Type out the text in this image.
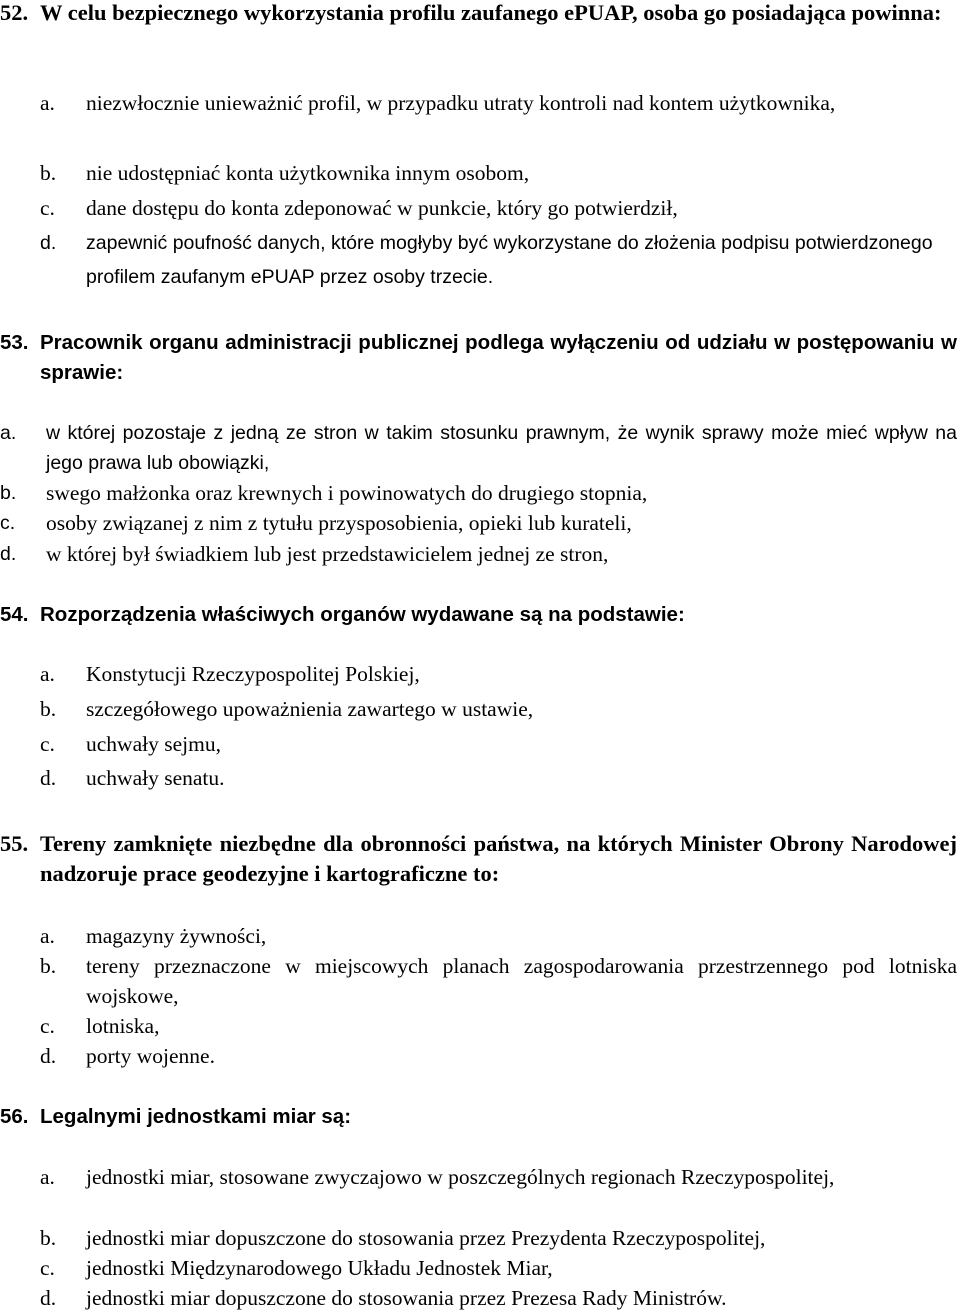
52. W celu bezpiecznego wykorzystania profilu zaufanego ePUAP, osoba go posiadająca powinna:
a. niezwłocznie unieważnić profil, w przypadku utraty kontroli nad kontem użytkownika,
b. nie udostępniać konta użytkownika innym osobom,
c. dane dostępu do konta zdeponować w punkcie, który go potwierdził,
d. zapewnić poufność danych, które mogłyby być wykorzystane do złożenia podpisu potwierdzonego profilem zaufanym ePUAP przez osoby trzecie.
53. Pracownik organu administracji publicznej podlega wyłączeniu od udziału w postępowaniu w sprawie:
a. w której pozostaje z jedną ze stron w takim stosunku prawnym, że wynik sprawy może mieć wpływ na jego prawa lub obowiązki,
b. swego małżonka oraz krewnych i powinowatych do drugiego stopnia,
c. osoby związanej z nim z tytułu przysposobienia, opieki lub kurateli,
d. w której był świadkiem lub jest przedstawicielem jednej ze stron,
54. Rozporządzenia właściwych organów wydawane są na podstawie:
a. Konstytucji Rzeczypospolitej Polskiej,
b. szczegółowego upoważnienia zawartego w ustawie,
c. uchwały sejmu,
d. uchwały senatu.
55. Tereny zamknięte niezbędne dla obronności państwa, na których Minister Obrony Narodowej nadzoruje prace geodezyjne i kartograficzne to:
a. magazyny żywności,
b. tereny przeznaczone w miejscowych planach zagospodarowania przestrzennego pod lotniska wojskowe,
c. lotniska,
d. porty wojenne.
56. Legalnymi jednostkami miar są:
a. jednostki miar, stosowane zwyczajowo w poszczególnych regionach Rzeczypospolitej,
b. jednostki miar dopuszczone do stosowania przez Prezydenta Rzeczypospolitej,
c. jednostki Międzynarodowego Układu Jednostek Miar,
d. jednostki miar dopuszczone do stosowania przez Prezesa Rady Ministrów.
